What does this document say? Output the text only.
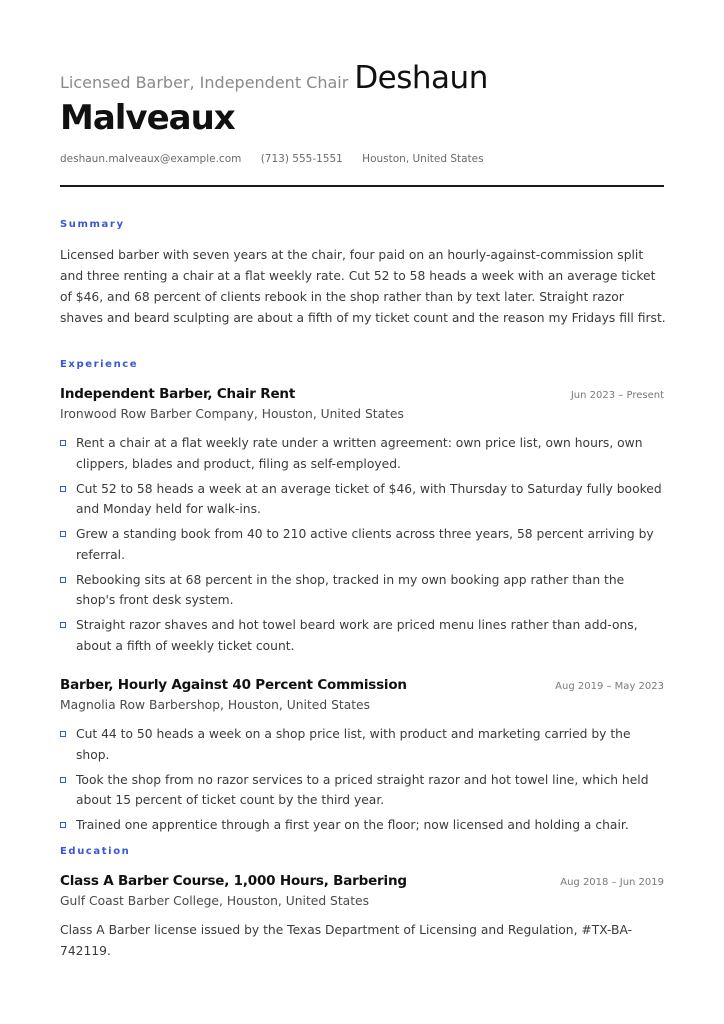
Licensed Barber, Independent Chair Deshaun
Malveaux
deshaun.malveaux@example.com (713) 555-1551 Houston, United States
Summary
Licensed barber with seven years at the chair, four paid on an hourly-against-commission split and three renting a chair at a flat weekly rate. Cut 52 to 58 heads a week with an average ticket of $46, and 68 percent of clients rebook in the shop rather than by text later. Straight razor shaves and beard sculpting are about a fifth of my ticket count and the reason my Fridays fill first.
Experience
Independent Barber, Chair Rent	Jun 2023 – Present
Ironwood Row Barber Company, Houston, United States
Rent a chair at a flat weekly rate under a written agreement: own price list, own hours, own clippers, blades and product, filing as self-employed.
Cut 52 to 58 heads a week at an average ticket of $46, with Thursday to Saturday fully booked and Monday held for walk-ins.
Grew a standing book from 40 to 210 active clients across three years, 58 percent arriving by referral.
Rebooking sits at 68 percent in the shop, tracked in my own booking app rather than the shop's front desk system.
Straight razor shaves and hot towel beard work are priced menu lines rather than add-ons, about a fifth of weekly ticket count.
Barber, Hourly Against 40 Percent Commission	Aug 2019 – May 2023
Magnolia Row Barbershop, Houston, United States
Cut 44 to 50 heads a week on a shop price list, with product and marketing carried by the shop.
Took the shop from no razor services to a priced straight razor and hot towel line, which held about 15 percent of ticket count by the third year.
Trained one apprentice through a first year on the floor; now licensed and holding a chair.
Education
Class A Barber Course, 1,000 Hours, Barbering	Aug 2018 – Jun 2019
Gulf Coast Barber College, Houston, United States
Class A Barber license issued by the Texas Department of Licensing and Regulation, #TX-BA-742119.
